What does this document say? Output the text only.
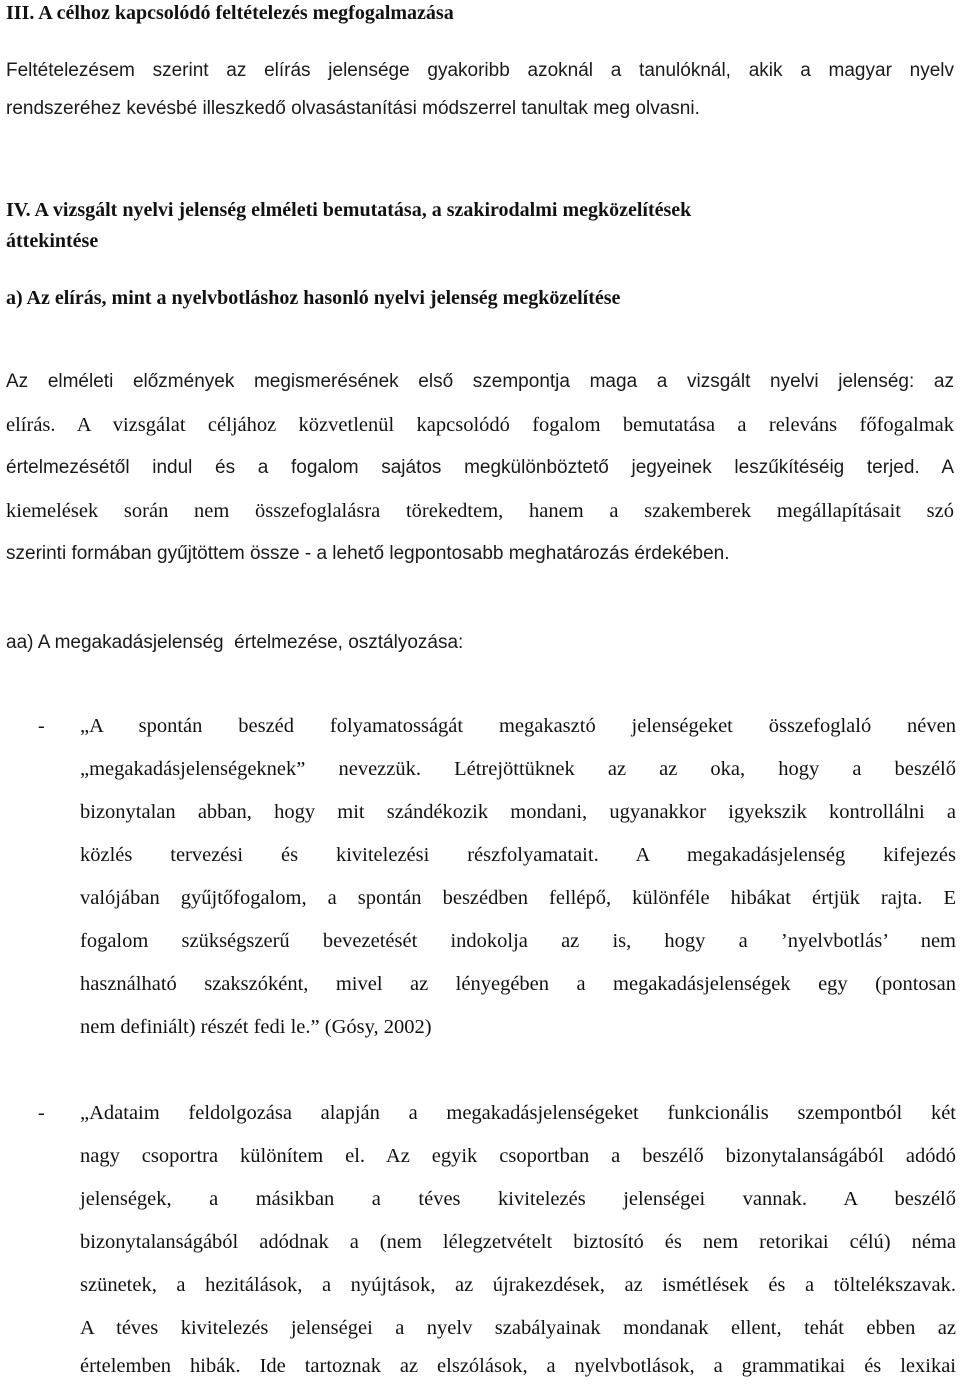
III. A célhoz kapcsolódó feltételezés megfogalmazása
Feltételezésem szerint az elírás jelensége gyakoribb azoknál a tanulóknál, akik a magyar nyelv
rendszeréhez kevésbé illeszkedő olvasástanítási módszerrel tanultak meg olvasni.
IV. A vizsgált nyelvi jelenség elméleti bemutatása, a szakirodalmi megközelítések
áttekintése
a) Az elírás, mint a nyelvbotláshoz hasonló nyelvi jelenség megközelítése
Az elméleti előzmények megismerésének első szempontja maga a vizsgált nyelvi jelenség: az
elírás. A vizsgálat céljához közvetlenül kapcsolódó fogalom bemutatása a releváns főfogalmak
értelmezésétől indul és a fogalom sajátos megkülönböztető jegyeinek leszűkítéséig terjed. A
kiemelések során nem összefoglalásra törekedtem, hanem a szakemberek megállapításait szó
szerinti formában gyűjtöttem össze - a lehető legpontosabb meghatározás érdekében.
aa) A megakadásjelenség  értelmezése, osztályozása:
- „A spontán beszéd folyamatosságát megakasztó jelenségeket összefoglaló néven
„megakadásjelenségeknek” nevezzük. Létrejöttüknek az az oka, hogy a beszélő
bizonytalan abban, hogy mit szándékozik mondani, ugyanakkor igyekszik kontrollálni a
közlés tervezési és kivitelezési részfolyamatait. A megakadásjelenség kifejezés
valójában gyűjtőfogalom, a spontán beszédben fellépő, különféle hibákat értjük rajta. E
fogalom szükségszerű bevezetését indokolja az is, hogy a ’nyelvbotlás’ nem
használható szakszóként, mivel az lényegében a megakadásjelenségek egy (pontosan
nem definiált) részét fedi le.” (Gósy, 2002)
- „Adataim feldolgozása alapján a megakadásjelenségeket funkcionális szempontból két
nagy csoportra különítem el. Az egyik csoportban a beszélő bizonytalanságából adódó
jelenségek, a másikban a téves kivitelezés jelenségei vannak. A beszélő
bizonytalanságából adódnak a (nem lélegzetvételt biztosító és nem retorikai célú) néma
szünetek, a hezitálások, a nyújtások, az újrakezdések, az ismétlések és a töltelékszavak.
A téves kivitelezés jelenségei a nyelv szabályainak mondanak ellent, tehát ebben az
értelemben hibák. Ide tartoznak az elszólások, a nyelvbotlások, a grammatikai és lexikai
